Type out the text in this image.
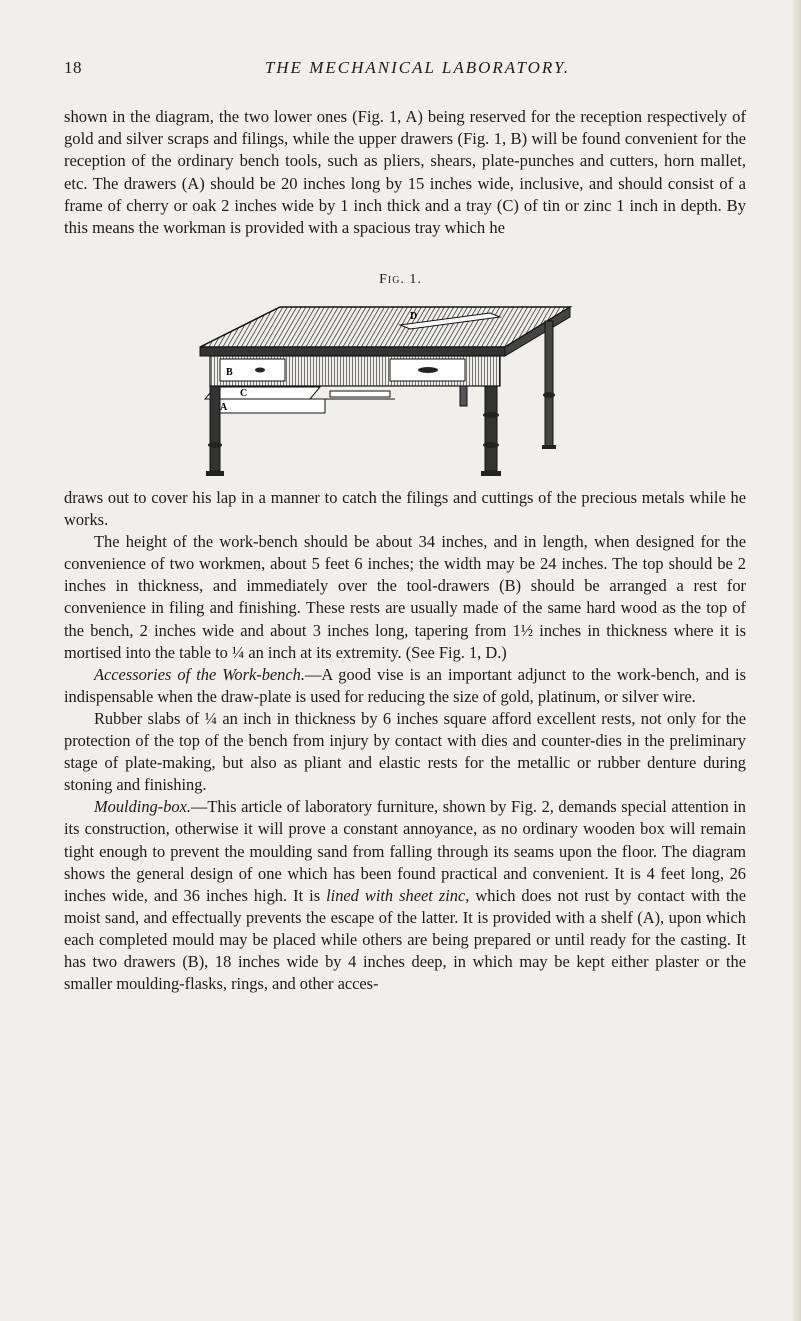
18	THE MECHANICAL LABORATORY.

shown in the diagram, the two lower ones (Fig. 1, A) being reserved for the reception respectively of gold and silver scraps and filings, while the upper drawers (Fig. 1, B) will be found convenient for the reception of the ordinary bench tools, such as pliers, shears, plate-punches and cutters, horn mallet, etc. The drawers (A) should be 20 inches long by 15 inches wide, inclusive, and should consist of a frame of cherry or oak 2 inches wide by 1 inch thick and a tray (C) of tin or zinc 1 inch in depth. By this means the workman is provided with a spacious tray which he

Fig. 1.
D
B
C
A

draws out to cover his lap in a manner to catch the filings and cuttings of the precious metals while he works.

The height of the work-bench should be about 34 inches, and in length, when designed for the convenience of two workmen, about 5 feet 6 inches; the width may be 24 inches. The top should be 2 inches in thickness, and immediately over the tool-drawers (B) should be arranged a rest for convenience in filing and finishing. These rests are usually made of the same hard wood as the top of the bench, 2 inches wide and about 3 inches long, tapering from 1½ inches in thickness where it is mortised into the table to ¼ an inch at its extremity. (See Fig. 1, D.)

Accessories of the Work-bench.—A good vise is an important adjunct to the work-bench, and is indispensable when the draw-plate is used for reducing the size of gold, platinum, or silver wire.

Rubber slabs of ¼ an inch in thickness by 6 inches square afford excellent rests, not only for the protection of the top of the bench from injury by contact with dies and counter-dies in the preliminary stage of plate-making, but also as pliant and elastic rests for the metallic or rubber denture during stoning and finishing.

Moulding-box.—This article of laboratory furniture, shown by Fig. 2, demands special attention in its construction, otherwise it will prove a constant annoyance, as no ordinary wooden box will remain tight enough to prevent the moulding sand from falling through its seams upon the floor. The diagram shows the general design of one which has been found practical and convenient. It is 4 feet long, 26 inches wide, and 36 inches high. It is lined with sheet zinc, which does not rust by contact with the moist sand, and effectually prevents the escape of the latter. It is provided with a shelf (A), upon which each completed mould may be placed while others are being prepared or until ready for the casting. It has two drawers (B), 18 inches wide by 4 inches deep, in which may be kept either plaster or the smaller moulding-flasks, rings, and other acces-
